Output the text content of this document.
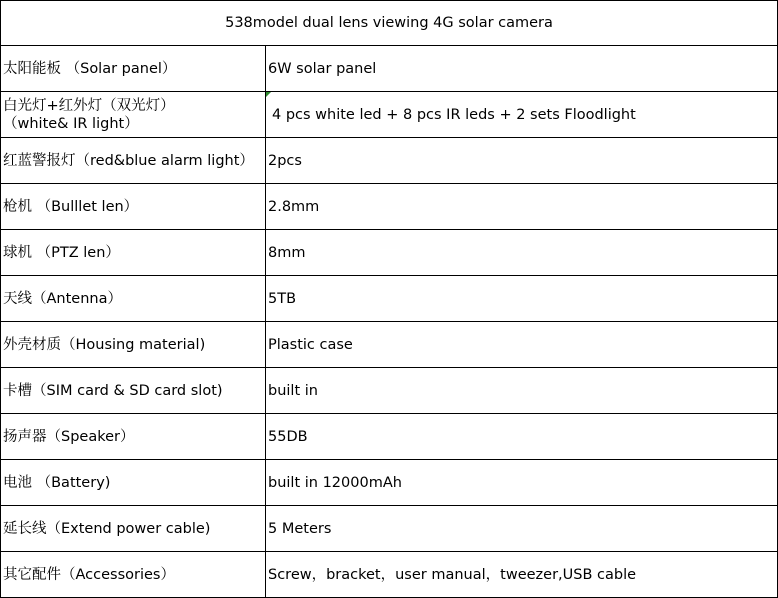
538model dual lens viewing 4G solar camera	
太阳能板 （Solar panel）	6W solar panel

白光灯+红外灯（双光灯）
（white& IR light）	4 pcs white led + 8 pcs IR leds + 2 sets Floodlight
红蓝警报灯（red&blue alarm light）	2pcs
枪机 （Bulllet len）	2.8mm
球机 （PTZ len）	8mm
天线（Antenna）	5TB
外壳材质（Housing material)	Plastic case
卡槽（SIM card & SD card slot)	built in
扬声器（Speaker）	55DB
电池 （Battery)	built in 12000mAh
延长线（Extend power cable)	5 Meters
其它配件（Accessories）	Screw，bracket，user manual，tweezer,USB cable
